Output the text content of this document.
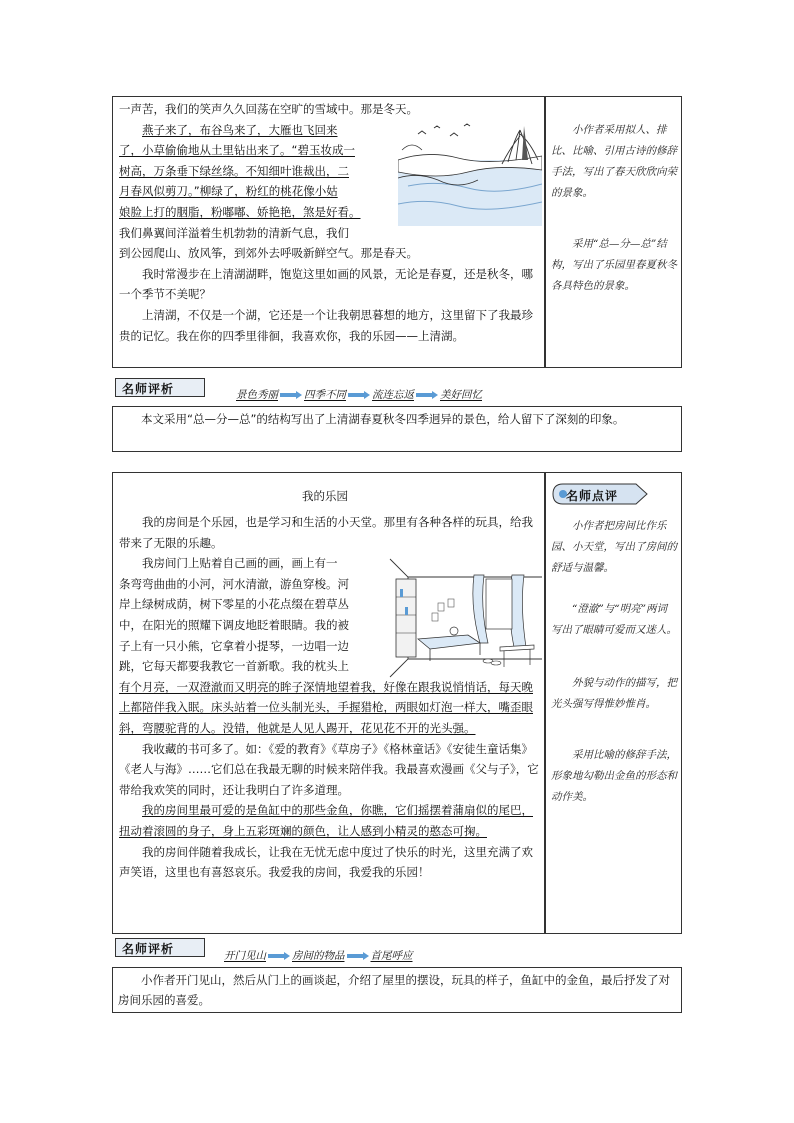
一声苦，我们的笑声久久回荡在空旷的雪域中。那是冬天。

燕子来了，布谷鸟来了，大雁也飞回来

了，小草偷偷地从土里钻出来了。“碧玉妆成一

树高，万条垂下绿丝绦。不知细叶谁裁出，二

月春风似剪刀。”柳绿了，粉红的桃花像小姑

娘脸上打的胭脂，粉嘟嘟、娇艳艳，煞是好看。

我们鼻翼间洋溢着生机勃勃的清新气息，我们

到公园爬山、放风筝，到郊外去呼吸新鲜空气。那是春天。

我时常漫步在上清湖湖畔，饱览这里如画的风景，无论是春夏，还是秋冬，哪一个季节不美呢？

上清湖，不仅是一个湖，它还是一个让我朝思暮想的地方，这里留下了我最珍贵的记忆。我在你的四季里徘徊，我喜欢你，我的乐园——上清湖。

小作者采用拟人、排比、比喻、引用古诗的修辞手法，写出了春天欣欣向荣的景象。

采用“总—分—总”结构，写出了乐园里春夏秋冬各具特色的景象。

名师评析	景色秀丽 四季不同 流连忘返 美好回忆

本文采用“总—分—总”的结构写出了上清湖春夏秋冬四季迥异的景色，给人留下了深刻的印象。

我的乐园

我的房间是个乐园，也是学习和生活的小天堂。那里有各种各样的玩具，给我带来了无限的乐趣。

我房间门上贴着自己画的画，画上有一

条弯弯曲曲的小河，河水清澈，游鱼穿梭。河

岸上绿树成荫，树下零星的小花点缀在碧草丛

中，在阳光的照耀下调皮地眨着眼睛。我的被

子上有一只小熊，它拿着小提琴，一边唱一边

跳，它每天都要我教它一首新歌。我的枕头上

有个月亮，一双澄澈而又明亮的眸子深情地望着我，好像在跟我说悄悄话，每天晚上都陪伴我入眠。床头站着一位头制光头，手握猎枪，两眼如灯泡一样大，嘴歪眼斜，弯腰驼背的人。没错，他就是人见人踢开，花见花不开的光头强。

我收藏的书可多了。如：《爱的教育》《草房子》《格林童话》《安徒生童话集》《老人与海》……它们总在我最无聊的时候来陪伴我。我最喜欢漫画《父与子》，它带给我欢笑的同时，还让我明白了许多道理。

我的房间里最可爱的是鱼缸中的那些金鱼，你瞧，它们摇摆着蒲扇似的尾巴，扭动着滚圆的身子，身上五彩斑斓的颜色，让人感到小精灵的憨态可掬。

我的房间伴随着我成长，让我在无忧无虑中度过了快乐的时光，这里充满了欢声笑语，这里也有喜怒哀乐。我爱我的房间，我爱我的乐园！

名师点评

小作者把房间比作乐园、小天堂，写出了房间的舒适与温馨。

“澄澈”与“明亮”两词写出了眼睛可爱而又迷人。

外貌与动作的描写，把光头强写得惟妙惟肖。

采用比喻的修辞手法，形象地勾勒出金鱼的形态和动作美。

名师评析	开门见山 房间的物品 首尾呼应

小作者开门见山，然后从门上的画谈起，介绍了屋里的摆设，玩具的样子，鱼缸中的金鱼，最后抒发了对房间乐园的喜爱。
